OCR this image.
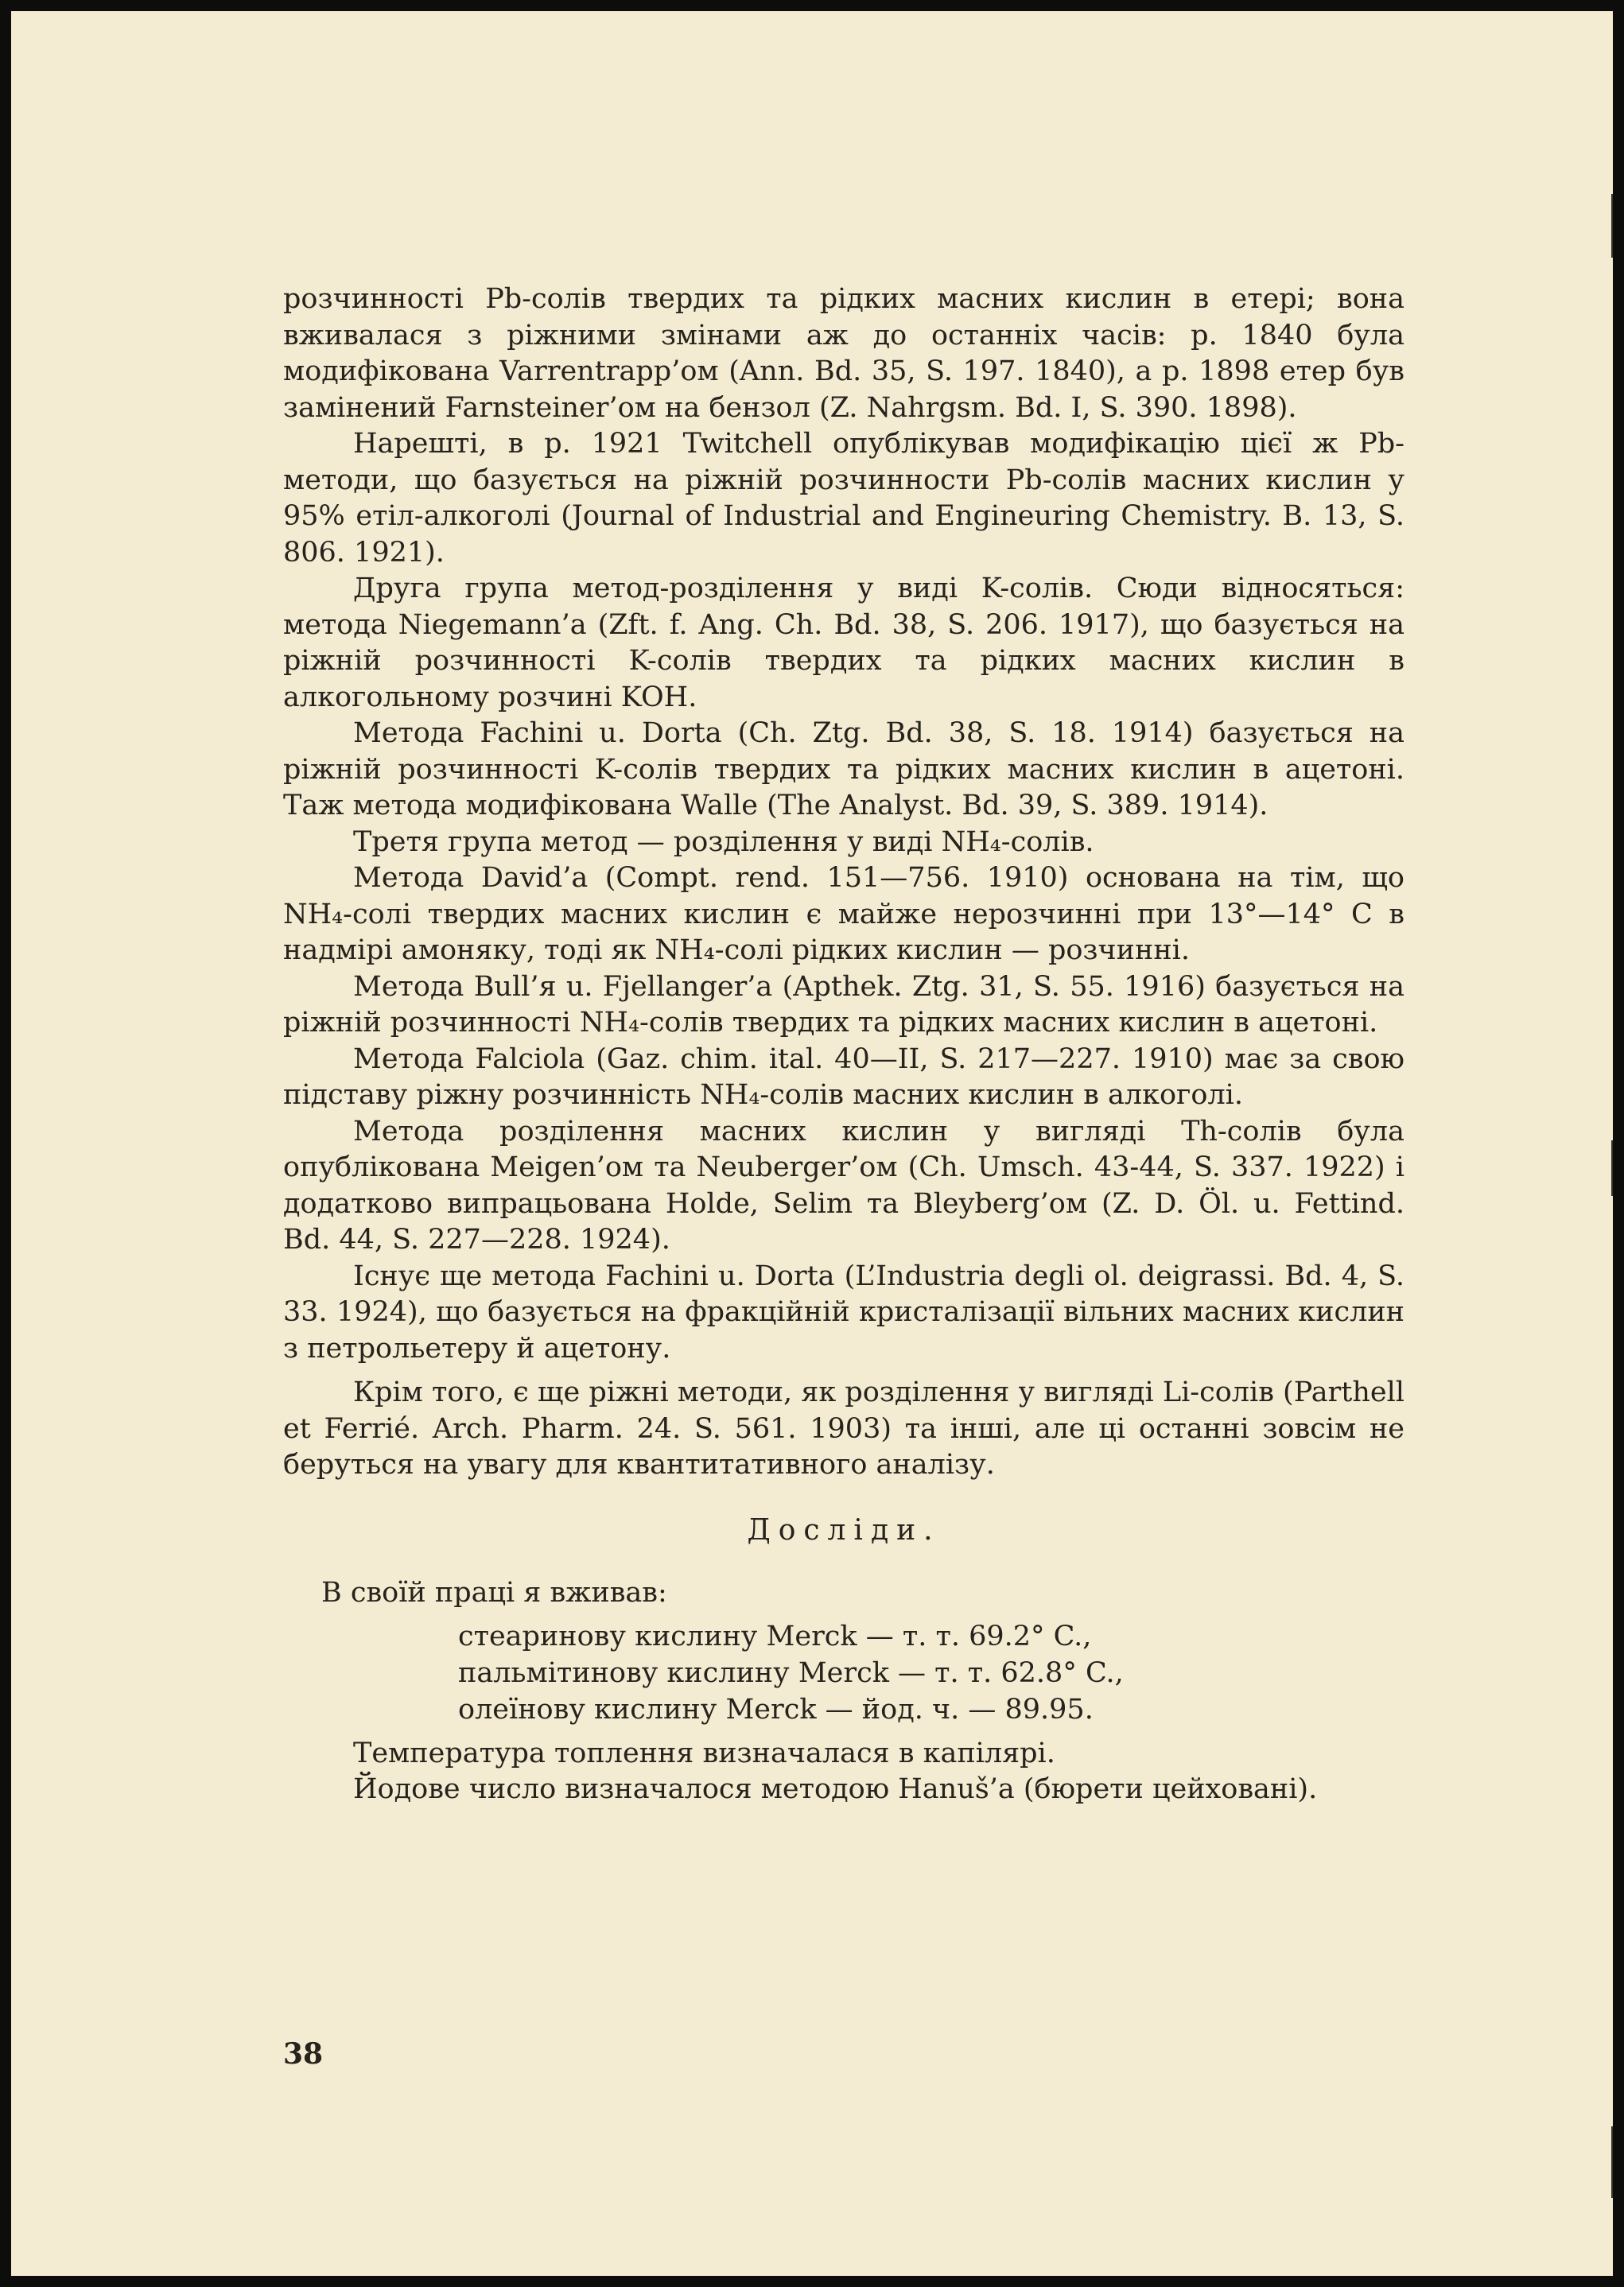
розчинності Pb-солів твердих та рідких масних кислин в етері; вона вживалася з ріжними змінами аж до останніх часів: р. 1840 була модифікована Varrentrapp’ом (Ann. Bd. 35, S. 197. 1840), а р. 1898 етер був замінений Farnsteiner’ом на бензол (Z. Nahrgsm. Bd. I, S. 390. 1898).

Нарешті, в р. 1921 Twitchell опублікував модифікацію цієї ж Pb-методи, що базується на ріжній розчинности Pb-солів масних кислин у 95% етіл-алкоголі (Journal of Industrial and Engineuring Chemistry. B. 13, S. 806. 1921).

Друга група метод-розділення у виді K-солів. Сюди відносяться: метода Niegemann’a (Zft. f. Ang. Ch. Bd. 38, S. 206. 1917), що базується на ріжній розчинності K-солів твердих та рідких масних кислин в алкогольному розчині KOH.

Метода Fachini u. Dorta (Ch. Ztg. Bd. 38, S. 18. 1914) базується на ріжній розчинності K-солів твердих та рідких масних кислин в ацетоні. Таж метода модифікована Walle (The Analyst. Bd. 39, S. 389. 1914).

Третя група метод — розділення у виді NH₄-солів.

Метода David’a (Compt. rend. 151—756. 1910) основана на тім, що NH₄-солі твердих масних кислин є майже нерозчинні при 13°—14° C в надмірі амоняку, тоді як NH₄-солі рідких кислин — розчинні.

Метода Bull’я u. Fjellanger’a (Apthek. Ztg. 31, S. 55. 1916) базується на ріжній розчинності NH₄-солів твердих та рідких масних кислин в ацетоні.

Метода Falciola (Gaz. chim. ital. 40—II, S. 217—227. 1910) має за свою підставу ріжну розчинність NH₄-солів масних кислин в алкоголі.

Метода розділення масних кислин у вигляді Th-солів була опублікована Meigen’ом та Neuberger’ом (Ch. Umsch. 43-44, S. 337. 1922) і додатково випрацьована Holde, Selim та Bleyberg’ом (Z. D. Öl. u. Fettind. Bd. 44, S. 227—228. 1924).

Існує ще метода Fachini u. Dorta (L’Industria degli ol. deigrassi. Bd. 4, S. 33. 1924), що базується на фракційній кристалізації вільних масних кислин з петрольетеру й ацетону.

Крім того, є ще ріжні методи, як розділення у вигляді Li-солів (Parthell et Ferrié. Arch. Pharm. 24. S. 561. 1903) та інші, але ці останні зовсім не беруться на увагу для квантитативного аналізу.

Досліди.
В своїй праці я вживав:
стеаринову кислину Merck — т. т. 69.2° C.,
пальмітинову кислину Merck — т. т. 62.8° C.,
олеїнову кислину Merck — йод. ч. — 89.95.

Температура топлення визначалася в капілярі.

Йодове число визначалося методою Hanuš’a (бюрети цейховані).

38
